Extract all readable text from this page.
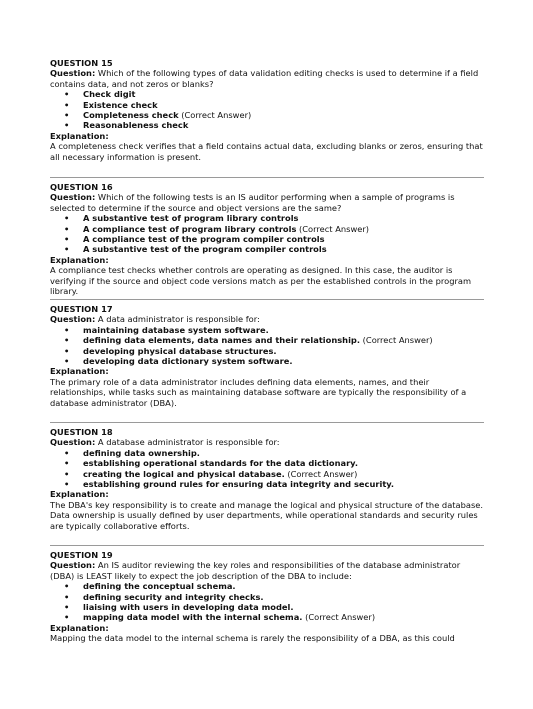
QUESTION 15
Question: Which of the following types of data validation editing checks is used to determine if a field contains data, and not zeros or blanks?
• Check digit
• Existence check
• Completeness check (Correct Answer)
• Reasonableness check
Explanation:
A completeness check verifies that a field contains actual data, excluding blanks or zeros, ensuring that all necessary information is present.
QUESTION 16
Question: Which of the following tests is an IS auditor performing when a sample of programs is selected to determine if the source and object versions are the same?
• A substantive test of program library controls
• A compliance test of program library controls (Correct Answer)
• A compliance test of the program compiler controls
• A substantive test of the program compiler controls
Explanation:
A compliance test checks whether controls are operating as designed. In this case, the auditor is verifying if the source and object code versions match as per the established controls in the program library.
QUESTION 17
Question: A data administrator is responsible for:
• maintaining database system software.
• defining data elements, data names and their relationship. (Correct Answer)
• developing physical database structures.
• developing data dictionary system software.
Explanation:
The primary role of a data administrator includes defining data elements, names, and their relationships, while tasks such as maintaining database software are typically the responsibility of a database administrator (DBA).
QUESTION 18
Question: A database administrator is responsible for:
• defining data ownership.
• establishing operational standards for the data dictionary.
• creating the logical and physical database. (Correct Answer)
• establishing ground rules for ensuring data integrity and security.
Explanation:
The DBA's key responsibility is to create and manage the logical and physical structure of the database. Data ownership is usually defined by user departments, while operational standards and security rules are typically collaborative efforts.
QUESTION 19
Question: An IS auditor reviewing the key roles and responsibilities of the database administrator (DBA) is LEAST likely to expect the job description of the DBA to include:
• defining the conceptual schema.
• defining security and integrity checks.
• liaising with users in developing data model.
• mapping data model with the internal schema. (Correct Answer)
Explanation:
Mapping the data model to the internal schema is rarely the responsibility of a DBA, as this could
